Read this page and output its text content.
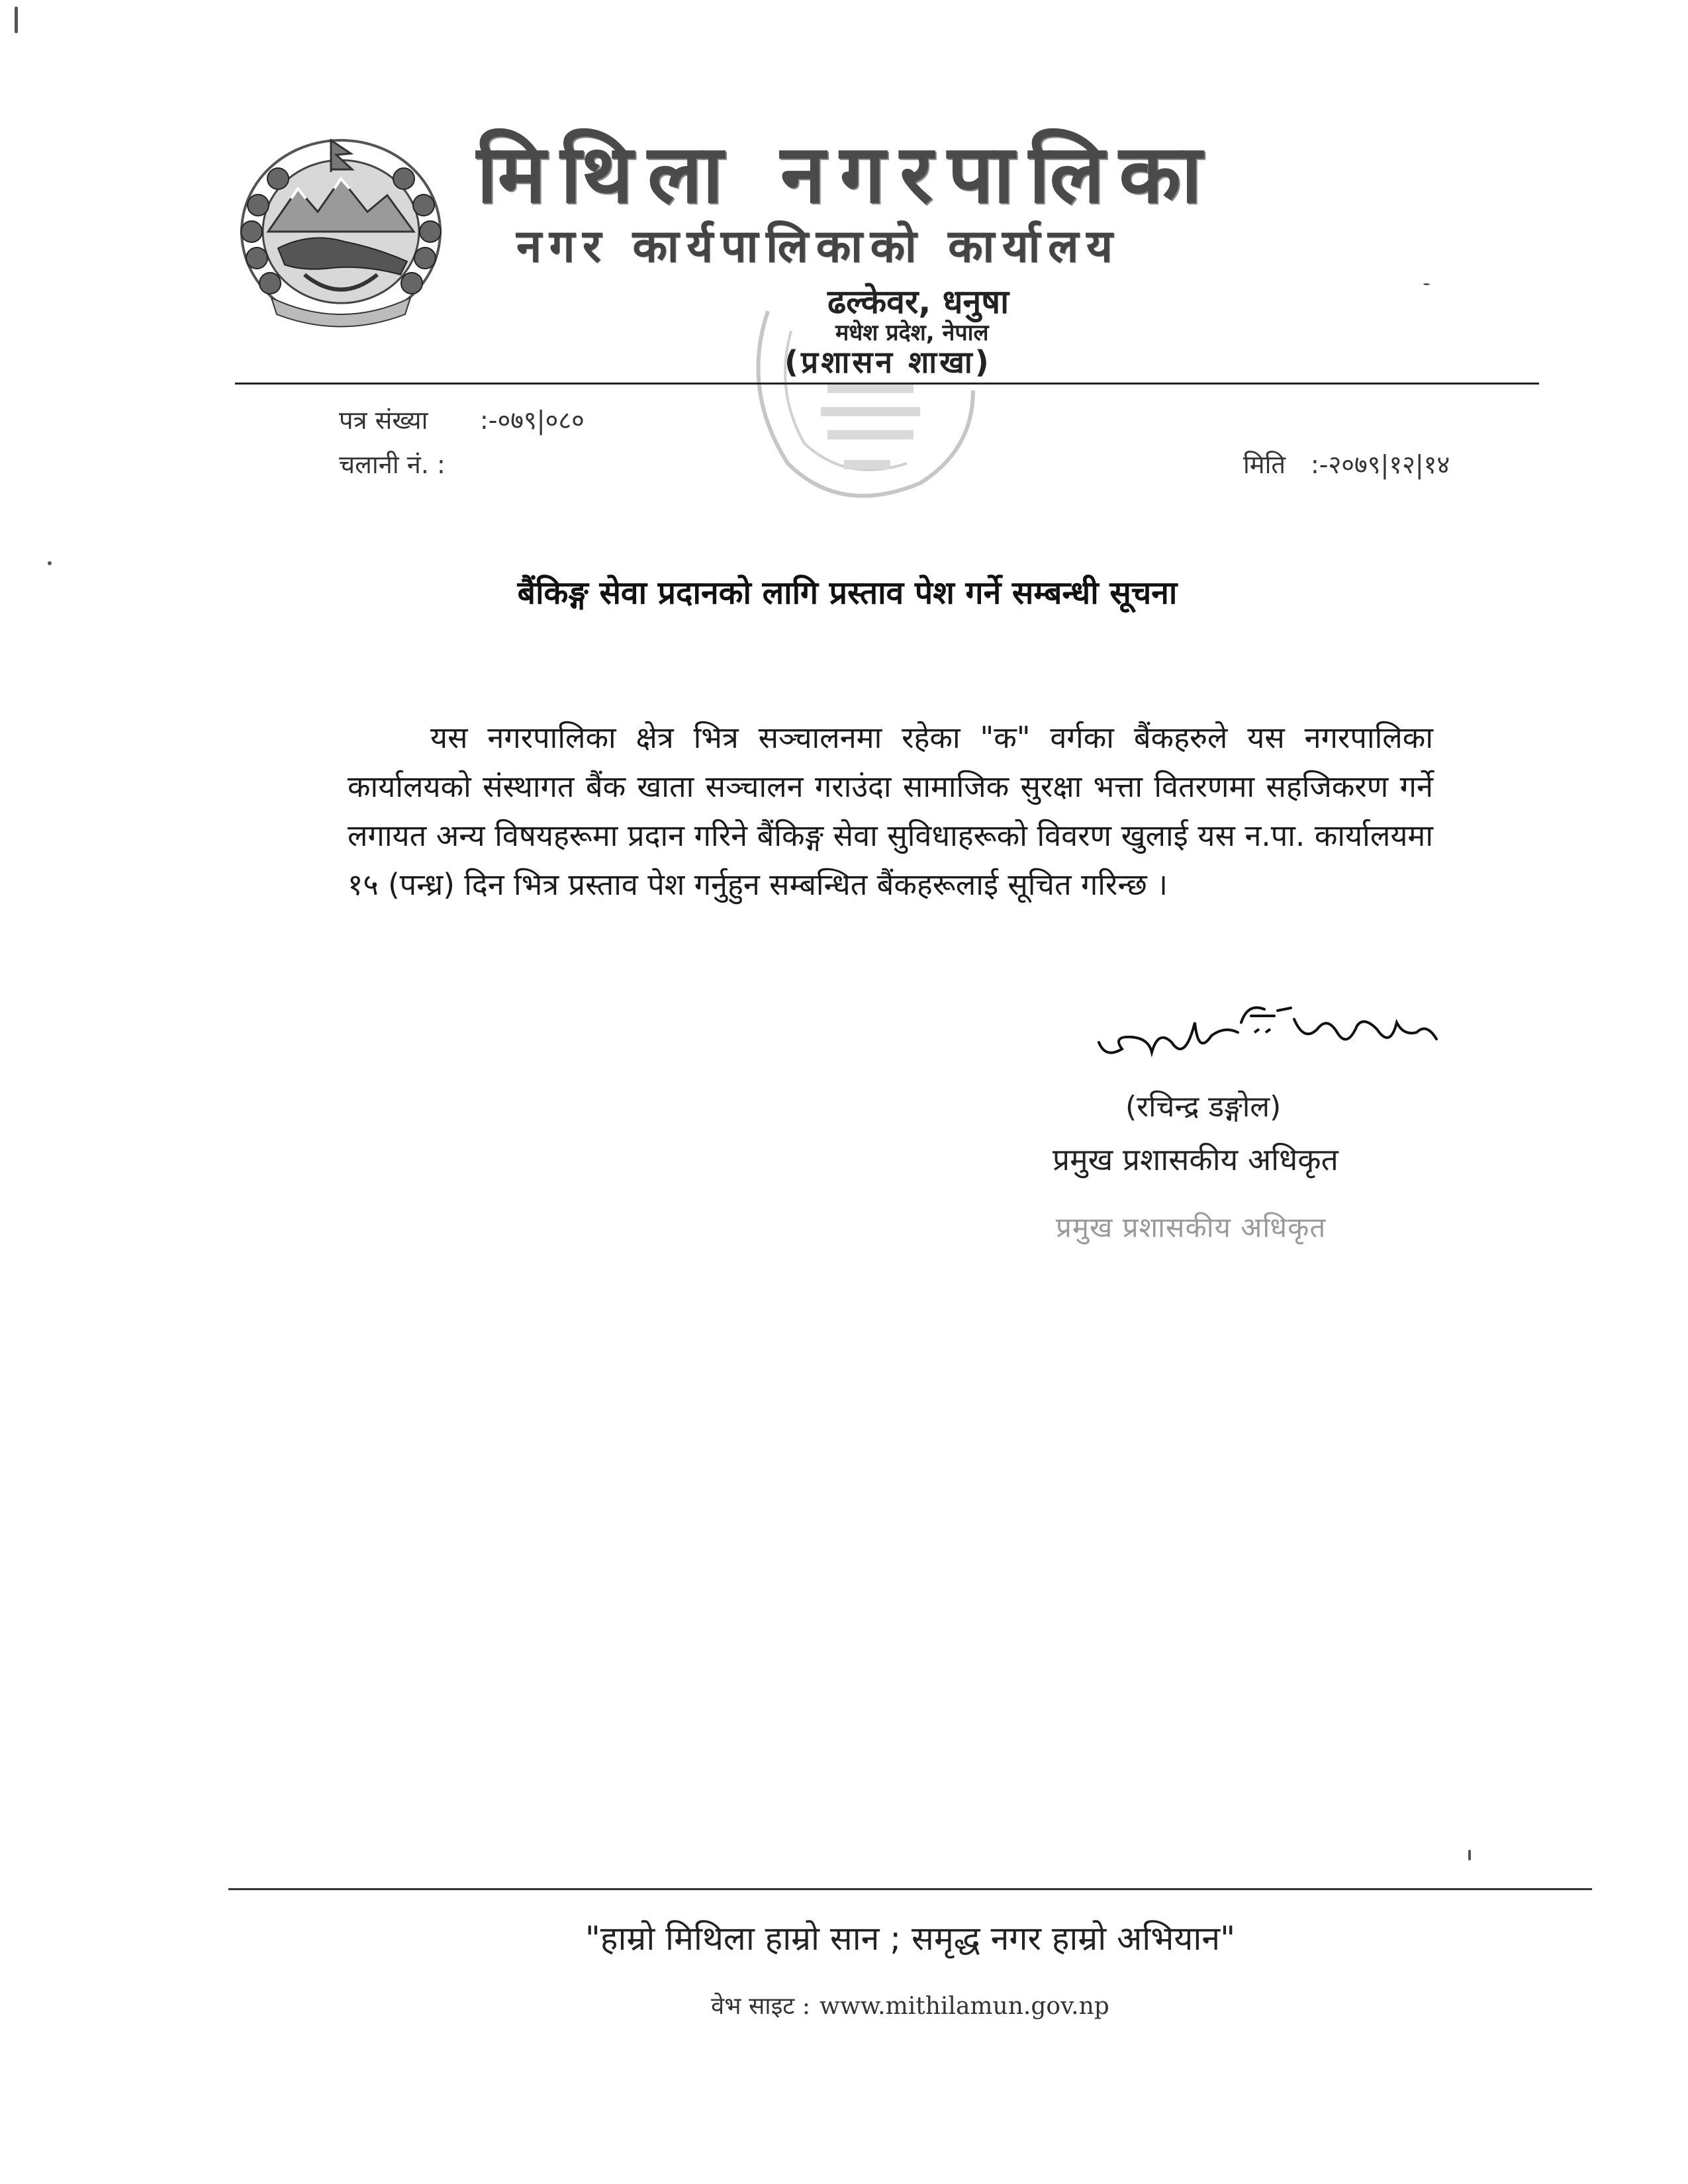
मिथिला नगरपालिका
नगर कार्यपालिकाको कार्यालय
ढल्केवर, धनुषा
मधेश प्रदेश, नेपाल
(प्रशासन शाखा)
पत्र संख्या :-०७९|०८०
चलानी नं. :	मिति :-२०७९|१२|१४
बैंकिङ्ग सेवा प्रदानको लागि प्रस्ताव पेश गर्ने सम्बन्धी सूचना
यस नगरपालिका क्षेत्र भित्र सञ्चालनमा रहेका "क" वर्गका बैंकहरुले यस नगरपालिका कार्यालयको संस्थागत बैंक खाता सञ्चालन गराउंदा सामाजिक सुरक्षा भत्ता वितरणमा सहजिकरण गर्ने लगायत अन्य विषयहरूमा प्रदान गरिने बैंकिङ्ग सेवा सुविधाहरूको विवरण खुलाई यस न.पा. कार्यालयमा १५ (पन्ध्र) दिन भित्र प्रस्ताव पेश गर्नुहुन सम्बन्धित बैंकहरूलाई सूचित गरिन्छ ।
(रचिन्द्र डङ्गोल)
प्रमुख प्रशासकीय अधिकृत
प्रमुख प्रशासकीय अधिकृत
"हाम्रो मिथिला हाम्रो सान ; समृद्ध नगर हाम्रो अभियान"
वेभ साइट : www.mithilamun.gov.np
